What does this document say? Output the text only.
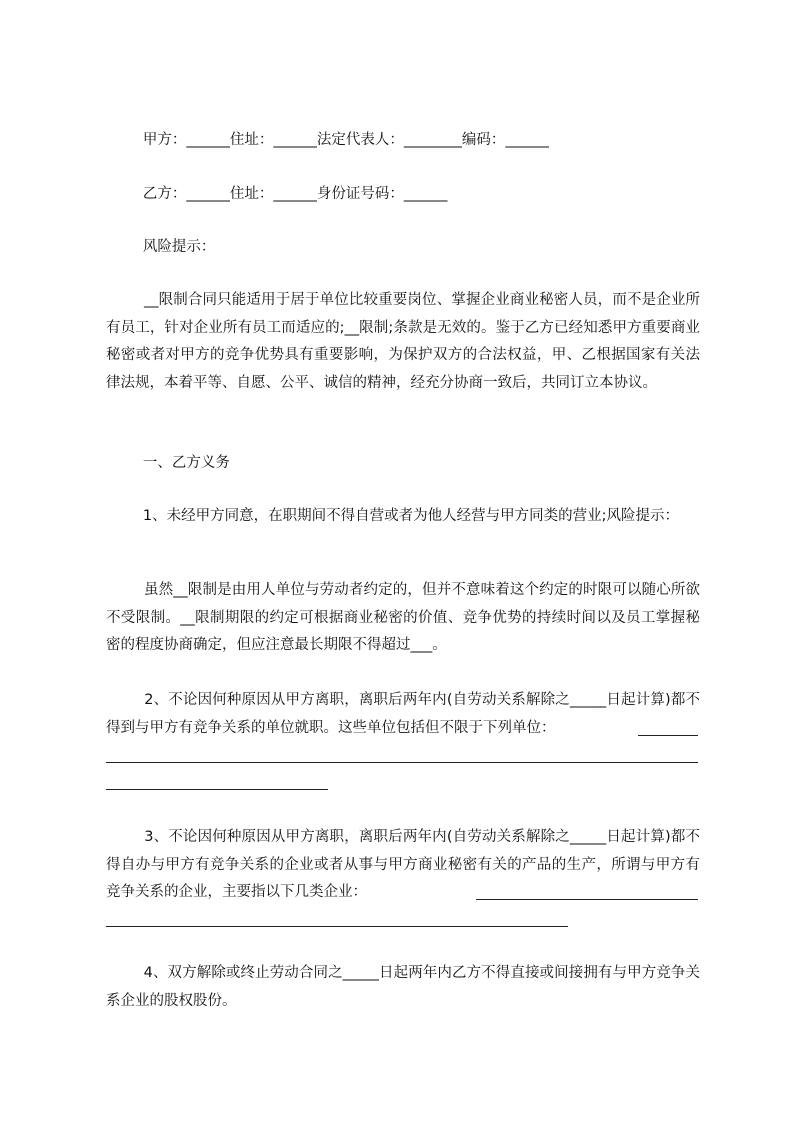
甲方：______住址：______法定代表人：________编码：______

乙方：______住址：______身份证号码：______

风险提示：

__限制合同只能适用于居于单位比较重要岗位、掌握企业商业秘密人员，而不是企业所有员工，针对企业所有员工而适应的;__限制;条款是无效的。鉴于乙方已经知悉甲方重要商业秘密或者对甲方的竞争优势具有重要影响，为保护双方的合法权益，甲、乙根据国家有关法律法规，本着平等、自愿、公平、诚信的精神，经充分协商一致后，共同订立本协议。

一、乙方义务

1、未经甲方同意，在职期间不得自营或者为他人经营与甲方同类的营业;风险提示：

虽然__限制是由用人单位与劳动者约定的，但并不意味着这个约定的时限可以随心所欲不受限制。__限制期限的约定可根据商业秘密的价值、竞争优势的持续时间以及员工掌握秘密的程度协商确定，但应注意最长期限不得超过___。

2、不论因何种原因从甲方离职，离职后两年内(自劳动关系解除之_____日起计算)都不得到与甲方有竞争关系的单位就职。这些单位包括但不限于下列单位：

3、不论因何种原因从甲方离职，离职后两年内(自劳动关系解除之_____日起计算)都不得自办与甲方有竞争关系的企业或者从事与甲方商业秘密有关的产品的生产，所谓与甲方有竞争关系的企业，主要指以下几类企业：

4、双方解除或终止劳动合同之_____日起两年内乙方不得直接或间接拥有与甲方竞争关系企业的股权股份。
